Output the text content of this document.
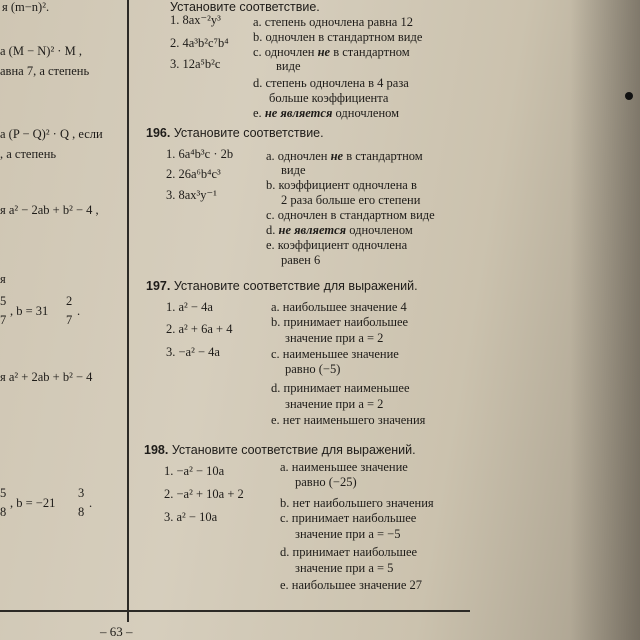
я (m−n)².
а (M − N)² · M ,
авна 7, а степень
а (P − Q)² · Q , если
, а степень
я a² − 2ab + b² − 4 ,
я
5
7
, b = 31
2
7
.
я a² + 2ab + b² − 4
5
8
, b = −21
3
8
.
Установите соответствие.
1. 8ax⁻²y³
2. 4a³b²c⁷b⁴
3. 12a⁵b²c
a. степень одночлена равна 12
b. одночлен в стандартном виде
c. одночлен не в стандартном
виде
d. степень одночлена в 4 раза
больше коэффициента
e. не является одночленом
196. Установите соответствие.
1. 6a⁴b³c · 2b
2. 26a⁶b⁴c³
3. 8ax³y⁻¹
a. одночлен не в стандартном
виде
b. коэффициент одночлена в
2 раза больше его степени
c. одночлен в стандартном виде
d. не является одночленом
e. коэффициент одночлена
равен 6
197. Установите соответствие для выражений.
1. a² − 4a
2. a² + 6a + 4
3. −a² − 4a
a. наибольшее значение 4
b. принимает наибольшее
значение при a = 2
c. наименьшее значение
равно (−5)
d. принимает наименьшее
значение при a = 2
e. нет наименьшего значения
198. Установите соответствие для выражений.
1. −a² − 10a
2. −a² + 10a + 2
3. a² − 10a
a. наименьшее значение
равно (−25)
b. нет наибольшего значения
c. принимает наибольшее
значение при a = −5
d. принимает наибольшее
значение при a = 5
e. наибольшее значение 27
– 63 –
